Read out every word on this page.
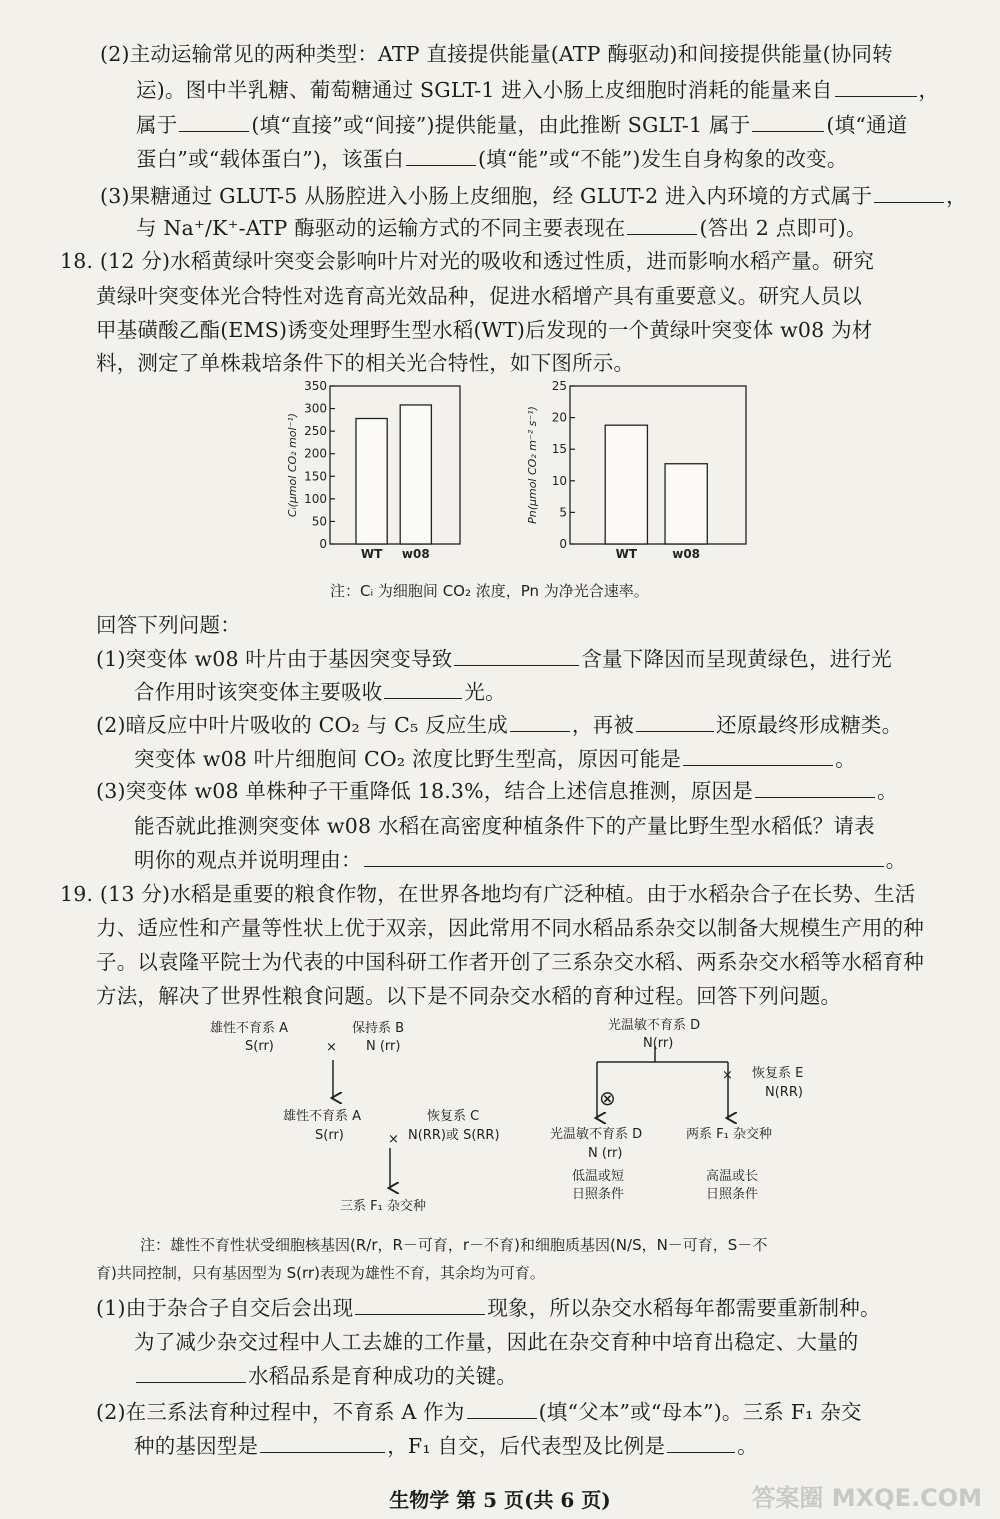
(2)主动运输常见的两种类型：ATP 直接提供能量(ATP 酶驱动)和间接提供能量(协同转
运)。图中半乳糖、葡萄糖通过 SGLT-1 进入小肠上皮细胞时消耗的能量来自	，
属于	(填“直接”或“间接”)提供能量，由此推断 SGLT-1 属于	(填“通道
蛋白”或“载体蛋白”)，该蛋白	(填“能”或“不能”)发生自身构象的改变。
(3)果糖通过 GLUT-5 从肠腔进入小肠上皮细胞，经 GLUT-2 进入内环境的方式属于	，
与 Na⁺/K⁺-ATP 酶驱动的运输方式的不同主要表现在	(答出 2 点即可)。
18. (12 分)水稻黄绿叶突变会影响叶片对光的吸收和透过性质，进而影响水稻产量。研究
黄绿叶突变体光合特性对选育高光效品种，促进水稻增产具有重要意义。研究人员以
甲基磺酸乙酯(EMS)诱变处理野生型水稻(WT)后发现的一个黄绿叶突变体 w08 为材
料，测定了单株栽培条件下的相关光合特性，如下图所示。
0
50
100
150
200
250
300
350
WT w08
Cᵢ(μmol CO₂ mol⁻¹)
0
5
10
15
20
25
WT	w08
Pn(μmol CO₂ m⁻² s⁻¹)
注：Cᵢ 为细胞间 CO₂ 浓度，Pn 为净光合速率。
回答下列问题：
(1)突变体 w08 叶片由于基因突变导致	含量下降因而呈现黄绿色，进行光
合作用时该突变体主要吸收	光。
(2)暗反应中叶片吸收的 CO₂ 与 C₅ 反应生成	，再被	还原最终形成糖类。
突变体 w08 叶片细胞间 CO₂ 浓度比野生型高，原因可能是	。
(3)突变体 w08 单株种子干重降低 18.3%，结合上述信息推测，原因是	。
能否就此推测突变体 w08 水稻在高密度种植条件下的产量比野生型水稻低？请表
明你的观点并说明理由：	。
19. (13 分)水稻是重要的粮食作物，在世界各地均有广泛种植。由于水稻杂合子在长势、生活
力、适应性和产量等性状上优于双亲，因此常用不同水稻品系杂交以制备大规模生产用的种
子。以袁隆平院士为代表的中国科研工作者开创了三系杂交水稻、两系杂交水稻等水稻育种
方法，解决了世界性粮食问题。以下是不同杂交水稻的育种过程。回答下列问题。
雄性不育系 A
S(rr)
保持系 B
N (rr)
×
雄性不育系 A
S(rr)	×
恢复系 C
N(RR)或 S(RR)
三系 F₁ 杂交种
光温敏不育系 D
N(rr)
× 恢复系 E
N(RR)
⊗
光温敏不育系 D
N (rr)
两系 F₁ 杂交种
低温或短
日照条件
高温或长
日照条件
注：雄性不育性状受细胞核基因(R/r，R－可育，r－不育)和细胞质基因(N/S，N－可育，S－不
育)共同控制，只有基因型为 S(rr)表现为雄性不育，其余均为可育。
(1)由于杂合子自交后会出现	现象，所以杂交水稻每年都需要重新制种。
为了减少杂交过程中人工去雄的工作量，因此在杂交育种中培育出稳定、大量的
水稻品系是育种成功的关键。
(2)在三系法育种过程中，不育系 A 作为	(填“父本”或“母本”)。三系 F₁ 杂交
种的基因型是	，F₁ 自交，后代表型及比例是	。
生物学 第 5 页(共 6 页)	答案圈 MXQE.COM
